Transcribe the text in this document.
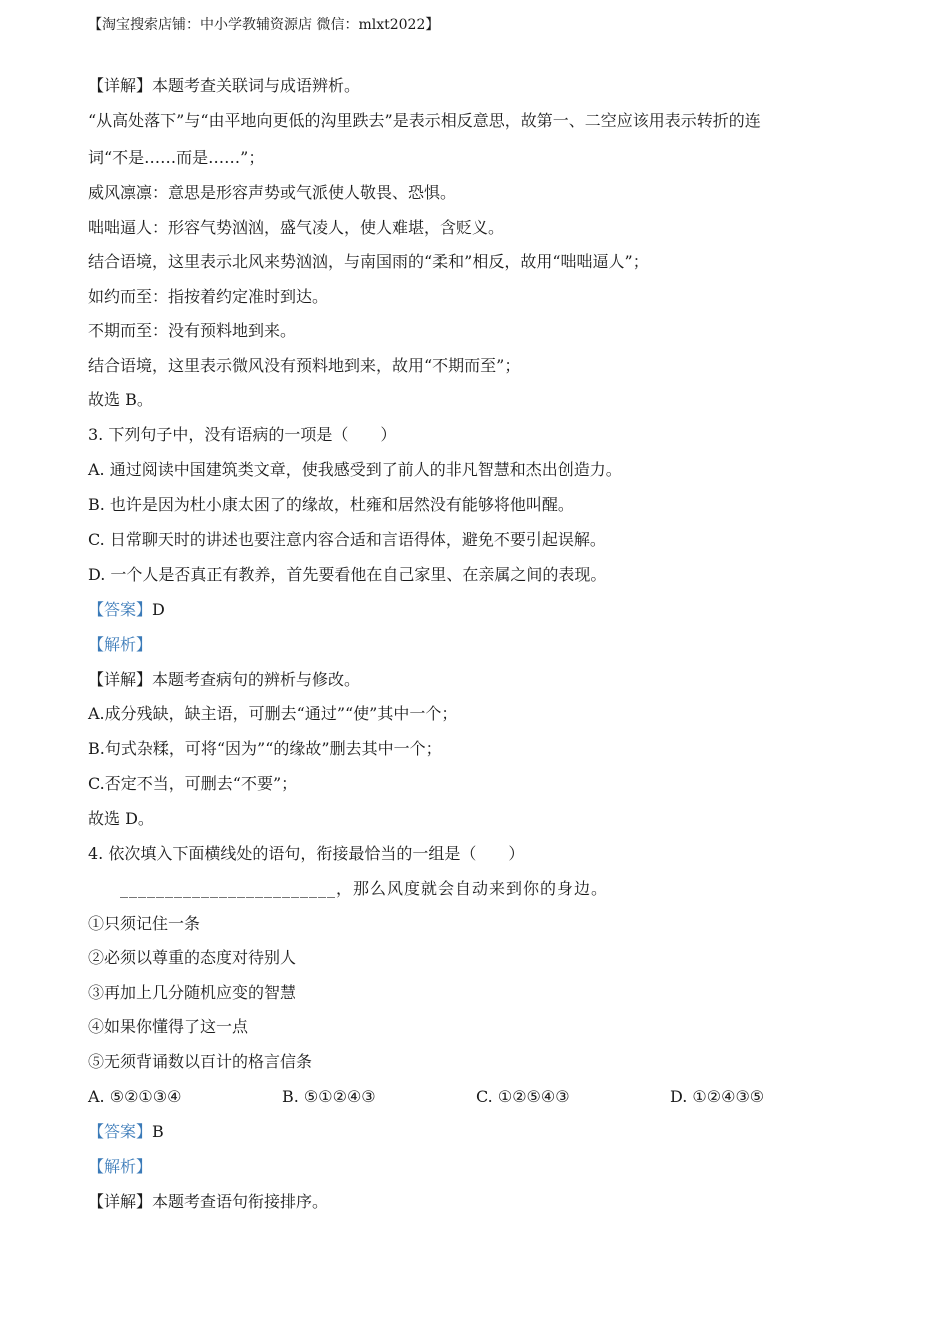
【淘宝搜索店铺：中小学教辅资源店 微信：mlxt2022】
【详解】本题考查关联词与成语辨析。
“从高处落下”与“由平地向更低的沟里跌去”是表示相反意思，故第一、二空应该用表示转折的连
词“不是……而是……”；
威风凛凛：意思是形容声势或气派使人敬畏、恐惧。
咄咄逼人：形容气势汹汹，盛气凌人，使人难堪，含贬义。
结合语境，这里表示北风来势汹汹，与南国雨的“柔和”相反，故用“咄咄逼人”；
如约而至：指按着约定准时到达。
不期而至：没有预料地到来。
结合语境，这里表示微风没有预料地到来，故用“不期而至”；
故选 B。
3. 下列句子中，没有语病的一项是（　　）
A. 通过阅读中国建筑类文章，使我感受到了前人的非凡智慧和杰出创造力。
B. 也许是因为杜小康太困了的缘故，杜雍和居然没有能够将他叫醒。
C. 日常聊天时的讲述也要注意内容合适和言语得体，避免不要引起误解。
D. 一个人是否真正有教养，首先要看他在自己家里、在亲属之间的表现。
【答案】D
【解析】
【详解】本题考查病句的辨析与修改。
A.成分残缺，缺主语，可删去“通过”“使”其中一个；
B.句式杂糅，可将“因为”“的缘故”删去其中一个；
C.否定不当，可删去“不要”；
故选 D。
4. 依次填入下面横线处的语句，衔接最恰当的一组是（　　）
________________________，那么风度就会自动来到你的身边。
①只须记住一条
②必须以尊重的态度对待别人
③再加上几分随机应变的智慧
④如果你懂得了这一点
⑤无须背诵数以百计的格言信条
A. ⑤②①③④	B. ⑤①②④③	C. ①②⑤④③	D. ①②④③⑤
【答案】B
【解析】
【详解】本题考查语句衔接排序。
